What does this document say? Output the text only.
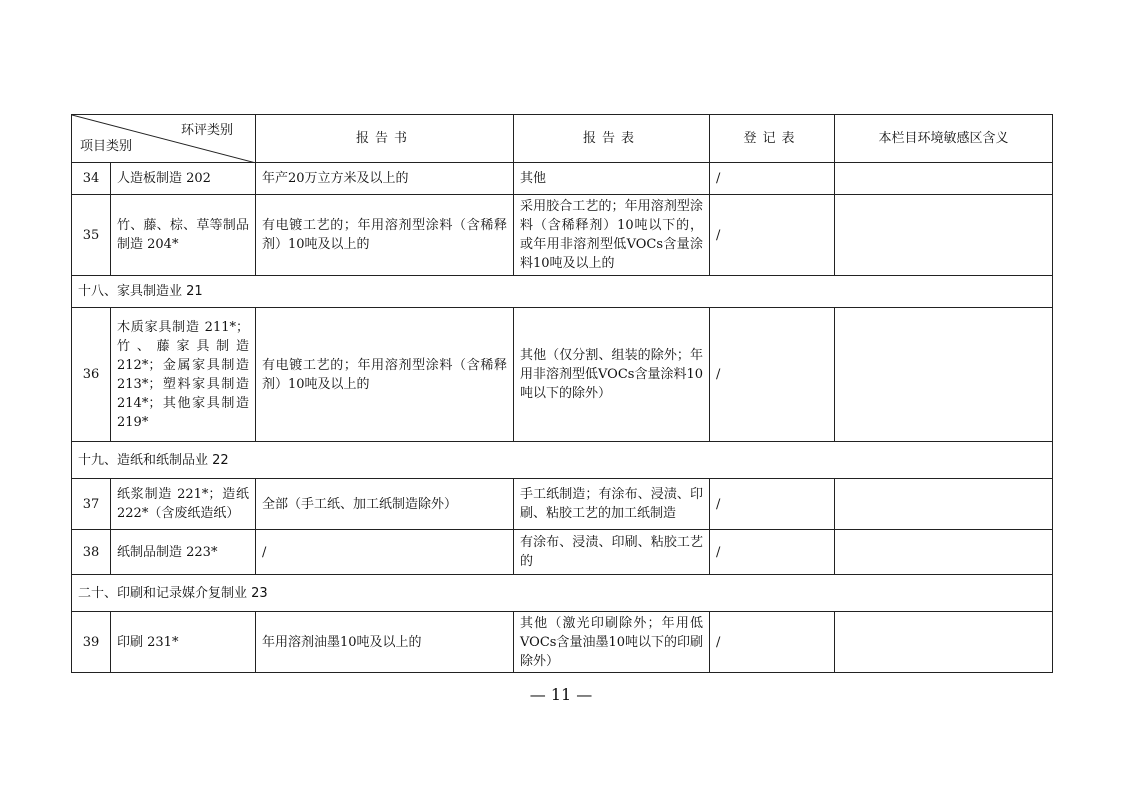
环评类别
项目类别		报告书	报告表	登记表	本栏目环境敏感区含义
34	人造板制造 202	年产20万立方米及以上的	其他	/	
35	竹、藤、棕、草等制品制造 204*	有电镀工艺的；年用溶剂型涂料（含稀释剂）10吨及以上的	采用胶合工艺的；年用溶剂型涂料（含稀释剂）10吨以下的，或年用非溶剂型低VOCs含量涂料10吨及以上的	/	
十八、家具制造业 21					
36	木质家具制造 211*；竹、藤家具制造 212*；金属家具制造 213*；塑料家具制造 214*；其他家具制造 219*	有电镀工艺的；年用溶剂型涂料（含稀释剂）10吨及以上的	其他（仅分割、组装的除外；年用非溶剂型低VOCs含量涂料10吨以下的除外）	/	
十九、造纸和纸制品业 22					
37	纸浆制造 221*；造纸 222*（含废纸造纸）	全部（手工纸、加工纸制造除外）	手工纸制造；有涂布、浸渍、印刷、粘胶工艺的加工纸制造	/	
38	纸制品制造 223*	/	有涂布、浸渍、印刷、粘胶工艺的	/	
二十、印刷和记录媒介复制业 23					
39	印刷 231*	年用溶剂油墨10吨及以上的	其他（激光印刷除外；年用低VOCs含量油墨10吨以下的印刷除外）	/	
— 11 —
